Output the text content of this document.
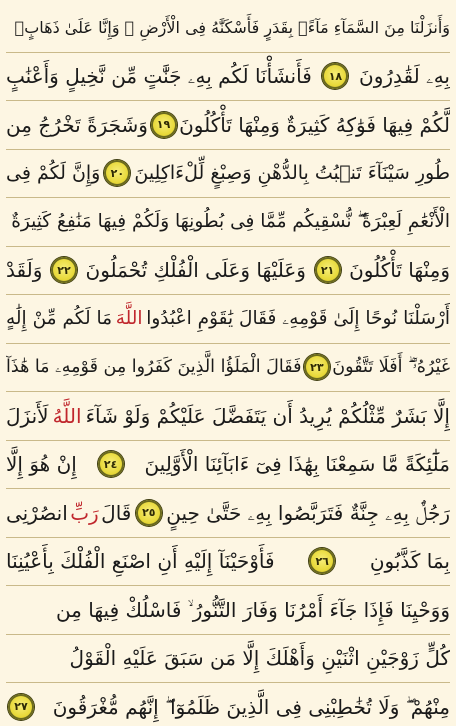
وَأَنزَلْنَا مِنَ السَّمَآءِ مَآءًۢ بِقَدَرٍ فَأَسْكَنَّٰهُ فِى الْأَرْضِ ۖ وَإِنَّا عَلَىٰ ذَهَابٍۭ
بِهِۦ لَقَٰدِرُونَ
١٨
فَأَنشَأْنَا لَكُم بِهِۦ جَنَّٰتٍ مِّن نَّخِيلٍ وَأَعْنَٰبٍ
لَّكُمْ فِيهَا فَوَٰكِهُ كَثِيرَةٌ وَمِنْهَا تَأْكُلُونَ
١٩
وَشَجَرَةً تَخْرُجُ مِن
طُورِ سَيْنَآءَ تَنۢبُتُ بِالدُّهْنِ وَصِبْغٍ لِّلْءَاكِلِينَ
٢٠
وَإِنَّ لَكُمْ فِى
الْأَنْعَٰمِ لَعِبْرَةً ۖ نُّسْقِيكُم مِّمَّا فِى بُطُونِهَا وَلَكُمْ فِيهَا مَنَٰفِعُ كَثِيرَةٌ
وَمِنْهَا تَأْكُلُونَ
٢١
وَعَلَيْهَا وَعَلَى الْفُلْكِ تُحْمَلُونَ
٢٢
وَلَقَدْ
أَرْسَلْنَا نُوحًا إِلَىٰ قَوْمِهِۦ فَقَالَ يَٰقَوْمِ اعْبُدُوا
اللَّهَ
مَا لَكُم مِّنْ إِلَٰهٍ
غَيْرُهُۥٓ ۖ أَفَلَا تَتَّقُونَ
٢٣
فَقَالَ الْمَلَؤُا الَّذِينَ كَفَرُوا مِن قَوْمِهِۦ مَا هَٰذَآ
إِلَّا بَشَرٌ مِّثْلُكُمْ يُرِيدُ أَن يَتَفَضَّلَ عَلَيْكُمْ وَلَوْ شَآءَ
اللَّهُ
لَأَنزَلَ
مَلَٰٓئِكَةً مَّا سَمِعْنَا بِهَٰذَا فِىٓ ءَابَآئِنَا الْأَوَّلِينَ
٢٤
إِنْ هُوَ إِلَّا
رَجُلٌۢ بِهِۦ جِنَّةٌ فَتَرَبَّصُوا بِهِۦ حَتَّىٰ حِينٍ
٢٥
قَالَ
رَبِّ
انصُرْنِى
بِمَا كَذَّبُونِ
٢٦
فَأَوْحَيْنَآ إِلَيْهِ أَنِ اصْنَعِ الْفُلْكَ بِأَعْيُنِنَا
وَوَحْيِنَا فَإِذَا جَآءَ أَمْرُنَا وَفَارَ التَّنُّورُ ۙ فَاسْلُكْ فِيهَا مِن
كُلٍّ زَوْجَيْنِ اثْنَيْنِ وَأَهْلَكَ إِلَّا مَن سَبَقَ عَلَيْهِ الْقَوْلُ
مِنْهُمْ ۖ وَلَا تُخَٰطِبْنِى فِى الَّذِينَ ظَلَمُوٓا ۖ إِنَّهُم مُّغْرَقُونَ
٢٧
